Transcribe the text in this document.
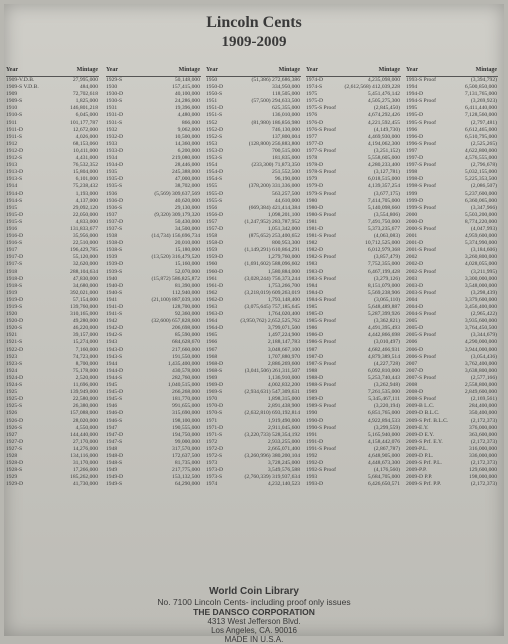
Lincoln Cents
1909-2009
Year	Mintage
1909-V.D.B.	27,995,000
1909-S V.D.B.	484,000
1909	72,702,618
1909-S	1,825,000
1910	146,801,218
1910-S	6,045,000
1911	101,177,787
1911-D	12,672,000
1911-S	4,026,000
1912	68,153,060
1912-D	10,411,000
1912-S	4,431,000
1913	76,532,352
1913-D	15,804,000
1913-S	6,101,000
1914	75,238,432
1914-D	1,193,000
1914-S	4,137,000
1915	29,092,120
1915-D	22,050,000
1915-S	4,833,000
1916	131,833,677
1916-D	35,956,000
1916-S	22,510,000
1917	196,429,785
1917-D	55,120,000
1917-S	32,620,000
1918	288,104,634
1918-D	47,830,000
1918-S	34,680,000
1919	392,021,000
1919-D	57,154,000
1919-S	139,760,000
1920	310,165,000
1920-D	49,280,000
1920-S	46,220,000
1921	39,157,000
1921-S	15,274,000
1922-D	7,160,000
1923	74,723,000
1923-S	8,700,000
1924	75,178,000
1924-D	2,520,000
1924-S	11,696,000
1925	139,949,000
1925-D	22,580,000
1925-S	26,380,000
1926	157,088,000
1926-D	28,020,000
1926-S	4,550,000
1927	144,440,000
1927-D	27,170,000
1927-S	14,276,000
1928	134,116,000
1928-D	31,170,000
1928-S	17,266,000
1929	185,262,000
1929-D	41,730,000
Year	Mintage
1929-S	50,148,000
1930	157,415,000
1930-D	40,100,000
1930-S	24,286,000
1931	19,396,000
1931-D	4,480,000
1931-S	866,000
1932	9,062,000
1932-D	10,500,000
1933	14,360,000
1933-D	6,200,000
1934	219,080,000
1934-D	28,446,000
1935	245,388,000
1935-D	47,000,000
1935-S	38,702,000
1936	(5,569) 309,637,569
1936-D	40,620,000
1936-S	29,130,000
1937	(9,320) 309,179,320
1937-D	50,430,000
1937-S	34,500,000
1938	(14,734) 156,696,734
1938-D	20,010,000
1938-S	15,180,000
1939	(13,520) 316,479,520
1939-D	15,160,000
1939-S	52,070,000
1940	(15,872) 586,825,872
1940-D	81,390,000
1940-S	112,940,000
1941	(21,100) 887,039,100
1941-D	128,700,000
1941-S	92,360,000
1942	(32,600) 657,828,600
1942-D	206,698,000
1942-S	85,590,000
1943	684,628,670
1943-D	217,660,000
1943-S	191,550,000
1944	1,435,400,000
1944-D	430,578,000
1944-S	282,760,000
1945	1,040,515,000
1945-D	266,268,000
1945-S	181,770,000
1946	991,655,000
1946-D	315,690,000
1946-S	198,100,000
1947	190,555,000
1947-D	194,750,000
1947-S	99,000,000
1948	317,570,000
1948-D	172,637,500
1948-S	81,735,000
1949	217,775,000
1949-D	153,132,500
1949-S	64,290,000
Year	Mintage
1950	(51,386) 272,686,386
1950-D	334,950,000
1950-S	118,505,000
1951	(57,500) 294,633,500
1951-D	625,355,000
1951-S	136,010,000
1952	(81,980) 186,856,980
1952-D	746,130,000
1952-S	137,800,004
1953	(128,800) 256,883,800
1953-D	700,515,000
1953-S	181,835,000
1954	(233,300) 71,873,350
1954-D	251,552,500
1954-S	96,190,000
1955	(378,200) 331,336,000
1955-D	563,257,500
1955-S	44,610,000
1956	(669,384) 421,414,384
1956-D	1,098,201,100
1957	(1,247,952) 283,787,952
1957-D	1,051,342,000
1958	(875,652) 253,400,652
1958-D	800,953,300
1959	(1,149,291) 610,864,291
1959-D	1,279,760,000
1960	(1,691,602) 588,096,602
1960-D	1,580,884,000
1961	(3,028,244) 756,373,244
1961-D	1,753,266,700
1962	(3,218,019) 609,263,019
1962-D	1,793,148,400
1963	(3,075,645) 757,185,645
1963-D	1,764,020,400
1964	(3,950,762) 2,652,525,762
1964-D	3,799,071,500
1965	1,497,224,900
1966	2,188,147,783
1967	3,048,667,100
1968	1,707,880,970
1968-D	2,886,269,600
1968-S	(3,041,506) 261,311,507
1969	1,136,910,000
1969-D	4,002,832,200
1969-S	(2,934,631) 547,309,631
1970	1,898,315,000
1970-D	2,891,438,900
1970-S	(2,632,810) 693,192,814
1971	1,919,490,000
1971-D	2,911,045,600
1971-S	(3,220,733) 528,354,192
1972	2,933,255,000
1972-D	2,665,071,400
1972-S	(3,260,996) 380,200,104
1973	3,728,245,000
1973-D	3,549,576,588
1973-S	(2,760,339) 319,937,634
1974	4,232,140,523
Year	Mintage
1974-D	4,235,098,000
1974-S	(2,612,568) 412,039,228
1975	5,451,476,142
1975-D	4,505,275,300
1975-S Proof	(2,845,450)
1976	4,674,292,426
1976-D	4,221,592,455
1976-S Proof	(4,149,730)
1977	4,469,930,000
1977-D	4,194,062,300
1977-S Proof	(3,251,152)
1978	5,558,605,000
1978-D	4,280,233,400
1978-S Proof	(3,127,781)
1979	6,018,515,000
1979-D	4,139,357,254
1979-S Proof	(3,677,175)
1980	7,414,705,000
1980-D	5,140,098,660
1980-S Proof	(3,554,806)
1981	7,491,750,000
1981-D	5,373,235,677
1981-S Proof	(4,063,083)
1982	10,712,525,000
1982-D	6,012,979,368
1982-S Proof	(3,857,479)
1983	7,752,355,000
1983-D	6,467,199,428
1983-S Proof	(3,279,126)
1984	8,151,079,000
1984-D	5,569,238,906
1984-S Proof	(3,065,110)
1985	5,648,489,887
1985-D	5,287,399,926
1985-S Proof	(3,362,821)
1986	4,491,395,493
1986-D	4,442,866,698
1986-S Proof	(3,010,497)
1987	4,682,466,931
1987-D	4,879,389,514
1987-S Proof	(4,227,728)
1988	6,092,810,000
1988-D	5,253,740,443
1988-S Proof	(3,262,948)
1989	7,261,535,000
1989-D	5,345,467,111
1989-S Proof	(3,220,194)
1990	6,851,765,000
1990-D	4,922,894,533
1990-S Proof	(3,299,559)
1991	5,165,940,000
1991-D	4,158,442,076
1991-S Proof	(2,867,787)
1992	4,648,905,000
1992-D	4,448,673,300
1992-S Proof	(4,176,560)
1993	5,684,705,000
1993-D	6,426,650,571
Year	Mintage
1993-S Proof	(3,394,792)
1994	6,500,850,000
1994-D	7,131,765,000
1994-S Proof	(3,269,923)
1995	6,411,440,000
1995-D	7,128,560,000
1995-S Proof	(2,797,481)
1996	6,612,465,000
1996-D	6,510,795,000
1996-S Proof	(2,525,265)
1997	4,622,800,000
1997-D	4,576,555,000
1997-S Proof	(2,796,678)
1998	5,032,155,000
1998-D	5,225,353,500
1998-S Proof	(2,086,507)
1999	5,237,600,000
1999-D	6,360,065,000
1999-S Proof	(3,347,966)
2000	5,503,200,000
2000-D	8,774,220,000
2000-S Proof	(4,047,993)
2001	4,959,600,000
2001-D	5,374,990,000
2001-S Proof	(3,184,606)
2002	3,260,800,000
2002-D	4,028,055,000
2002-S Proof	(3,211,995)
2003	3,300,000,000
2003-D	3,548,000,000
2003-S Proof	(3,298,439)
2004	3,379,600,000
2004-D	3,456,400,000
2004-S Proof	(2,965,422)
2005	3,935,600,000
2005-D	3,764,450,500
2005-S Proof	(3,344,679)
2006	4,290,000,000
2006-D	3,944,000,000
2006-S Proof	(3,054,436)
2007	3,762,400,000
2007-D	3,638,800,000
2007-S Proof	(2,577,166)
2008	2,558,800,000
2008-D	2,849,600,000
2008-S Proof	(2,169,561)
2009-B L.C.	284,400,000
2009-D B.L.C.	350,400,000
2009-S Prf. B.L.C.	(2,172,373)
2009-E.Y.	376,000,000
2009-D E.Y.	363,600,000
2009-S Prf. E.Y.	(2,172,373)
2009-P.L.	316,000,000
2009-D P.L.	336,000,000
2009-S Prf. P.L.	(2,172,373)
2009-P.P.	129,600,000
2009-D P.P.	198,000,000
2009-S Prf. P.P.	(2,172,373)
World Coin Library
No. 7100 Lincoln Cents- including proof only issues
THE DANSCO CORPORATION
4313 West Jefferson Blvd.
Los Angeles, CA. 90016
MADE IN U.S.A.
